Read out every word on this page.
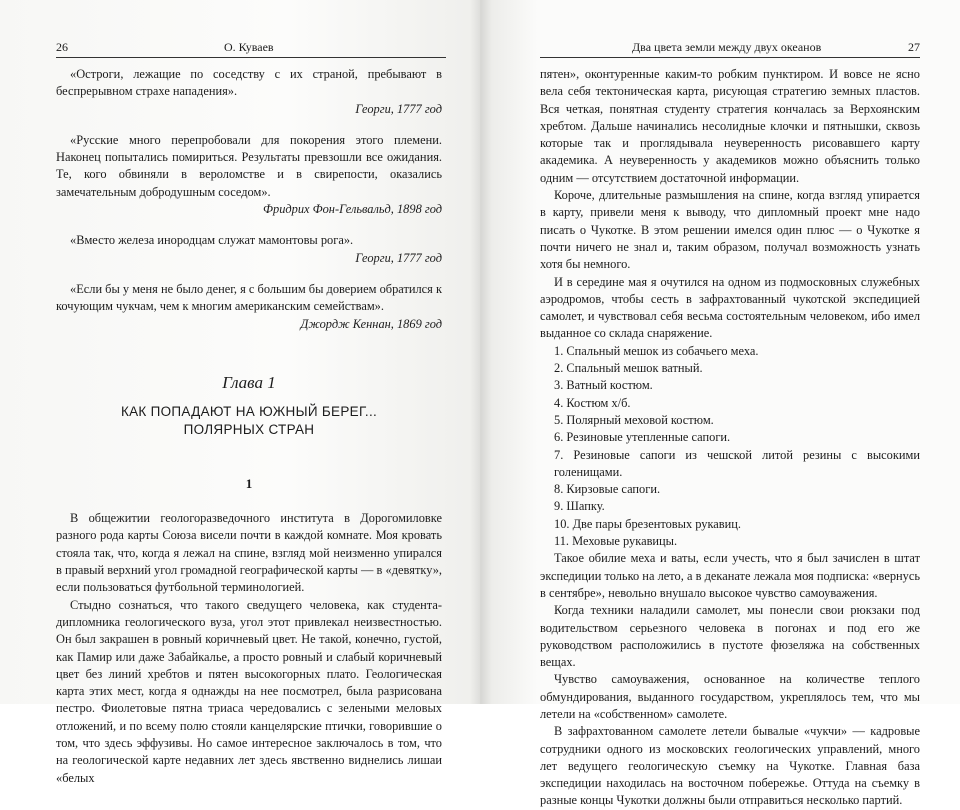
26	О. Куваев	Два цвета земли между двух океанов	27

«Остроги, лежащие по соседству с их страной, пребывают в беспрерывном страхе нападения».

Георги, 1777 год

«Русские много перепробовали для покорения этого племени. Наконец попытались помириться. Результаты превзошли все ожидания. Те, кого обвиняли в вероломстве и в свирепости, оказались замечательным добродушным соседом».

Фридрих Фон-Гельвальд, 1898 год

«Вместо железа инородцам служат мамонтовы рога».

Георги, 1777 год

«Если бы у меня не было денег, я с большим бы доверием обратился к кочующим чукчам, чем к многим американским семействам».

Джордж Кеннан, 1869 год

Глава 1
КАК ПОПАДАЮТ НА ЮЖНЫЙ БЕРЕГ...
ПОЛЯРНЫХ СТРАН
1

В общежитии геологоразведочного института в Дорогомиловке разного рода карты Союза висели почти в каждой комнате. Моя кровать стояла так, что, когда я лежал на спине, взгляд мой неизменно упирался в правый верхний угол громадной географической карты — в «девятку», если пользоваться футбольной терминологией.

Стыдно сознаться, что такого сведущего человека, как студента-дипломника геологического вуза, угол этот привлекал неизвестностью. Он был закрашен в ровный коричневый цвет. Не такой, конечно, густой, как Памир или даже Забайкалье, а просто ровный и слабый коричневый цвет без линий хребтов и пятен высокогорных плато. Геологическая карта этих мест, когда я однажды на нее посмотрел, была разрисована пестро. Фиолетовые пятна триаса чередовались с зелеными меловых отложений, и по всему полю стояли канцелярские птички, говорившие о том, что здесь эффузивы. Но самое интересное заключалось в том, что на геологической карте недавних лет здесь явственно виднелись лишаи «белых

пятен», оконтуренные каким-то робким пунктиром. И вовсе не ясно вела себя тектоническая карта, рисующая стратегию земных пластов. Вся четкая, понятная студенту стратегия кончалась за Верхоянским хребтом. Дальше начинались несолидные клочки и пятнышки, сквозь которые так и проглядывала неуверенность рисовавшего карту академика. А неуверенность у академиков можно объяснить только одним — отсутствием достаточной информации.

Короче, длительные размышления на спине, когда взгляд упирается в карту, привели меня к выводу, что дипломный проект мне надо писать о Чукотке. В этом решении имелся один плюс — о Чукотке я почти ничего не знал и, таким образом, получал возможность узнать хотя бы немного.

И в середине мая я очутился на одном из подмосковных служебных аэродромов, чтобы сесть в зафрахтованный чукотской экспедицией самолет, и чувствовал себя весьма состоятельным человеком, ибо имел выданное со склада снаряжение.

1. Спальный мешок из собачьего меха.
2. Спальный мешок ватный.
3. Ватный костюм.
4. Костюм х/б.
5. Полярный меховой костюм.
6. Резиновые утепленные сапоги.
7. Резиновые сапоги из чешской литой резины с высокими голенищами.
8. Кирзовые сапоги.
9. Шапку.
10. Две пары брезентовых рукавиц.
11. Меховые рукавицы.

Такое обилие меха и ваты, если учесть, что я был зачислен в штат экспедиции только на лето, а в деканате лежала моя подписка: «вернусь в сентябре», невольно внушало высокое чувство самоуважения.

Когда техники наладили самолет, мы понесли свои рюкзаки под водительством серьезного человека в погонах и под его же руководством расположились в пустоте фюзеляжа на собственных вещах.

Чувство самоуважения, основанное на количестве теплого обмундирования, выданного государством, укреплялось тем, что мы летели на «собственном» самолете.

В зафрахтованном самолете летели бывалые «чукчи» — кадровые сотрудники одного из московских геологических управлений, много лет ведущего геологическую съемку на Чукотке. Главная база экспедиции находилась на восточном побережье. Оттуда на съемку в разные концы Чукотки должны были отправиться несколько партий.
